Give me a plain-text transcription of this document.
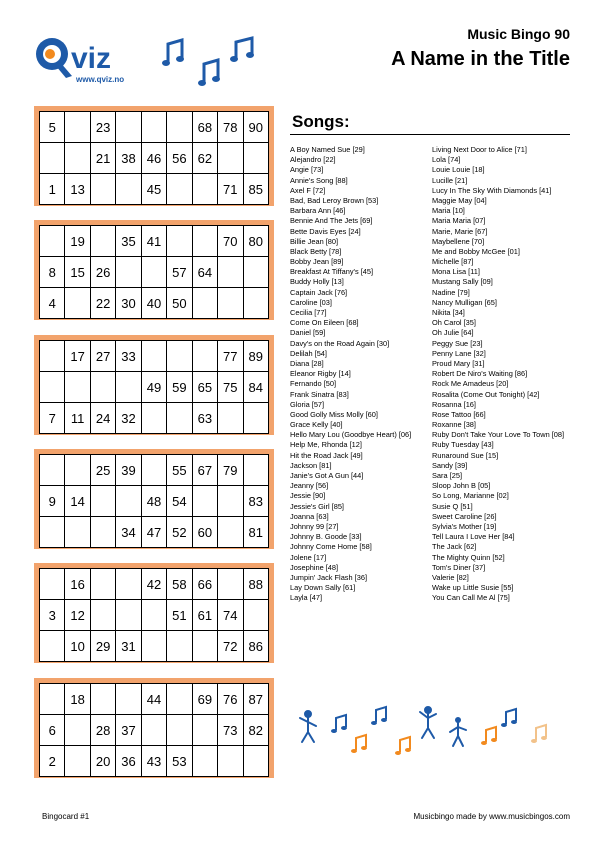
viz
www.qviz.no
Music Bingo 90
A Name in the Title
5		23				68	78	90
		21	38	46	56	62		
1	13			45			71	85
	19		35	41			70	80
8	15	26			57	64		
4		22	30	40	50			
	17	27	33				77	89
				49	59	65	75	84
7	11	24	32			63		
		25	39		55	67	79	
9	14			48	54			83
			34	47	52	60		81
	16			42	58	66		88
3	12				51	61	74	
	10	29	31				72	86
	18			44		69	76	87
6		28	37				73	82
2		20	36	43	53			
Songs:
A Boy Named Sue [29]
Alejandro [22]
Angie [73]
Annie's Song [88]
Axel F [72]
Bad, Bad Leroy Brown [53]
Barbara Ann [46]
Bennie And The Jets [69]
Bette Davis Eyes [24]
Billie Jean [80]
Black Betty [78]
Bobby Jean [89]
Breakfast At Tiffany's [45]
Buddy Holly [13]
Captain Jack [76]
Caroline [03]
Cecilia [77]
Come On Eileen [68]
Daniel [59]
Davy's on the Road Again [30]
Delilah [54]
Diana [28]
Eleanor Rigby [14]
Fernando [50]
Frank Sinatra [83]
Gloria [57]
Good Golly Miss Molly [60]
Grace Kelly [40]
Hello Mary Lou (Goodbye Heart) [06]
Help Me, Rhonda [12]
Hit the Road Jack [49]
Jackson [81]
Janie's Got A Gun [44]
Jeanny [56]
Jessie [90]
Jessie's Girl [85]
Joanna [63]
Johnny 99 [27]
Johnny B. Goode [33]
Johnny Come Home [58]
Jolene [17]
Josephine [48]
Jumpin' Jack Flash [36]
Lay Down Sally [61]
Layla [47]
Living Next Door to Alice [71]
Lola [74]
Louie Louie [18]
Lucille [21]
Lucy In The Sky With Diamonds [41]
Maggie May [04]
Maria [10]
Maria Maria [07]
Marie, Marie [67]
Maybellene [70]
Me and Bobby McGee [01]
Michelle [87]
Mona Lisa [11]
Mustang Sally [09]
Nadine [79]
Nancy Mulligan [65]
Nikita [34]
Oh Carol [35]
Oh Julie [64]
Peggy Sue [23]
Penny Lane [32]
Proud Mary [31]
Robert De Niro's Waiting [86]
Rock Me Amadeus [20]
Rosalita (Come Out Tonight) [42]
Rosanna [16]
Rose Tattoo [66]
Roxanne [38]
Ruby Don't Take Your Love To Town [08]
Ruby Tuesday [43]
Runaround Sue [15]
Sandy [39]
Sara [25]
Sloop John B [05]
So Long, Marianne [02]
Susie Q [51]
Sweet Caroline [26]
Sylvia's Mother [19]
Tell Laura I Love Her [84]
The Jack [62]
The Mighty Quinn [52]
Tom's Diner [37]
Valerie [82]
Wake up Little Susie [55]
You Can Call Me Al [75]
Bingocard #1	Musicbingo made by www.musicbingos.com
